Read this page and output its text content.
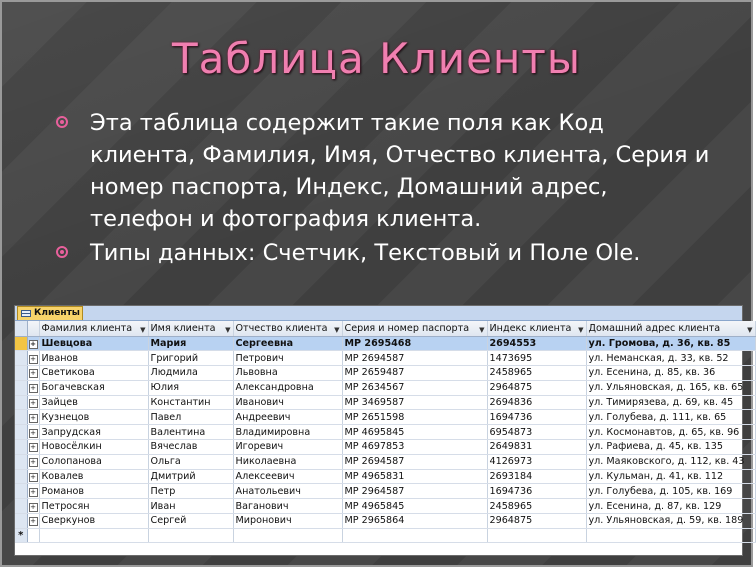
Таблица Клиенты
Эта таблица содержит такие поля как Код клиента, Фамилия, Имя, Отчество клиента, Серия и номер паспорта, Индекс, Домашний адрес, телефон и фотография клиента.
Типы данных: Счетчик, Текстовый и Поле Ole.
Клиенты
		Фамилия клиента ▼	Имя клиента ▼	Отчество клиента ▼	Серия и номер паспорта ▼	Индекс клиента ▼	Домашний адрес клиента ▼

	+	Шевцова	Мария	Сергеевна	МР 2695468	2694553	ул. Громова, д. 36, кв. 85
	+	Иванов	Григорий	Петрович	МР 2694587	1473695	ул. Неманская, д. 33, кв. 52
	+	Светикова	Людмила	Львовна	МР 2659487	2458965	ул. Есенина, д. 85, кв. 36
	+	Богачевская	Юлия	Александровна	МР 2634567	2964875	ул. Ульяновская, д. 165, кв. 65
	+	Зайцев	Константин	Иванович	МР 3469587	2694836	ул. Тимирязева, д. 69, кв. 45
	+	Кузнецов	Павел	Андреевич	МР 2651598	1694736	ул. Голубева, д. 111, кв. 65
	+	Запрудская	Валентина	Владимировна	МР 4695845	6954873	ул. Космонавтов, д. 65, кв. 96
	+	Новосёлкин	Вячеслав	Игоревич	МР 4697853	2649831	ул. Рафиева, д. 45, кв. 135
	+	Солопанова	Ольга	Николаевна	МР 2694587	4126973	ул. Маяковского, д. 112, кв. 43
	+	Ковалев	Дмитрий	Алексеевич	МР 4965831	2693184	ул. Кульман, д. 41, кв. 112
	+	Романов	Петр	Анатольевич	МР 2964587	1694736	ул. Голубева, д. 105, кв. 169
	+	Петросян	Иван	Ваганович	МР 4965845	2458965	ул. Есенина, д. 87, кв. 129
	+	Сверкунов	Сергей	Миронович	МР 2965864	2964875	ул. Ульяновская, д. 59, кв. 189
*							
